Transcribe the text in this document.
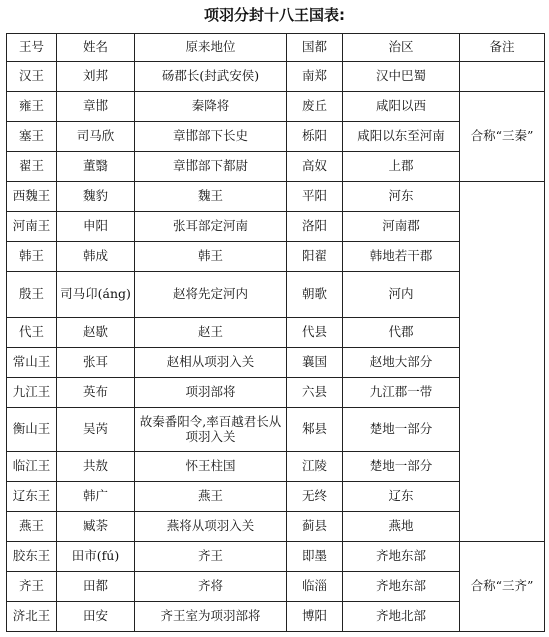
项羽分封十八王国表:
王号	姓名	原来地位	国都	治区	备注
汉王	刘邦	砀郡长(封武安侯)	南郑	汉中巴蜀	
雍王	章邯	秦降将	废丘	咸阳以西	合称“三秦”
塞王	司马欣	章邯部下长史	栎阳	咸阳以东至河南	
翟王	董翳	章邯部下都尉	高奴	上郡	
西魏王	魏豹	魏王	平阳	河东	
河南王	申阳	张耳部定河南	洛阳	河南郡	
韩王	韩成	韩王	阳翟	韩地若干郡	
殷王	司马卬(áng)	赵将先定河内	朝歌	河内	
代王	赵歇	赵王	代县	代郡	
常山王	张耳	赵相从项羽入关	襄国	赵地大部分	
九江王	英布	项羽部将	六县	九江郡一带	
衡山王	吴芮	故秦番阳令,率百越君长从项羽入关	邾县	楚地一部分	
临江王	共敖	怀王柱国	江陵	楚地一部分	
辽东王	韩广	燕王	无终	辽东	
燕王	臧荼	燕将从项羽入关	蓟县	燕地	
胶东王	田市(fú)	齐王	即墨	齐地东部	合称“三齐”
齐王	田都	齐将	临淄	齐地东部	
济北王	田安	齐王室为项羽部将	博阳	齐地北部	
